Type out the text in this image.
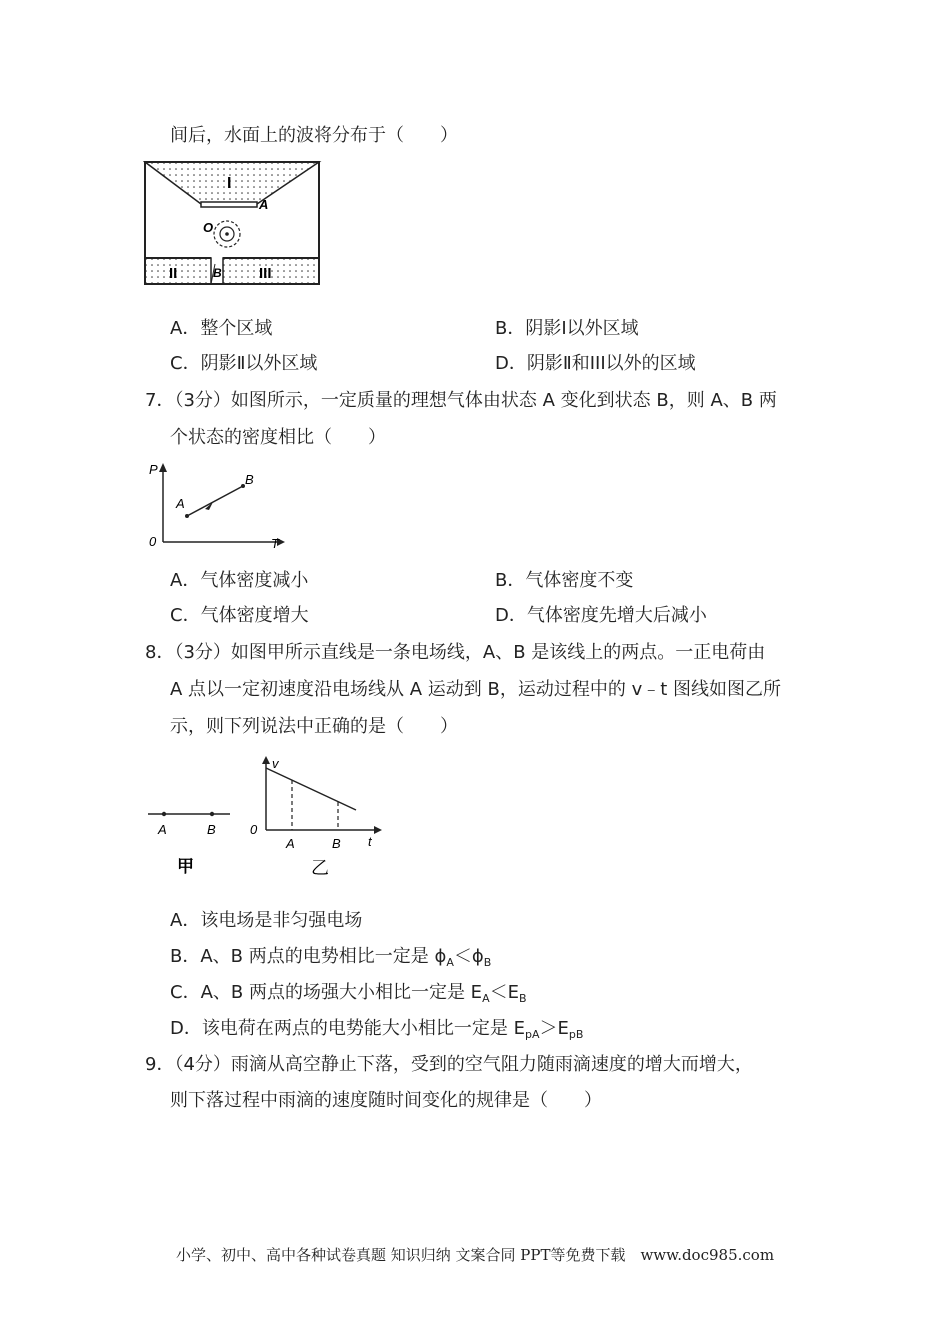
间后，水面上的波将分布于（　　）
I
A
O
II	B III
A．整个区域	B．阴影Ⅰ以外区域
C．阴影Ⅱ以外区域	D．阴影Ⅱ和III以外的区域
7．（3分）如图所示，一定质量的理想气体由状态 A 变化到状态 B，则 A、B 两
个状态的密度相比（　　）
P
T
0
A
B
A．气体密度减小	B．气体密度不变
C．气体密度增大	D．气体密度先增大后减小
8．（3分）如图甲所示直线是一条电场线，A、B 是该线上的两点。一正电荷由
A 点以一定初速度沿电场线从 A 运动到 B，运动过程中的 v﹣t 图线如图乙所
示，则下列说法中正确的是（　　）
A	B
甲
v
t
0
A	B
乙
A．该电场是非匀强电场
B．A、B 两点的电势相比一定是 $\phi_A<\phi_B$
C．A、B 两点的场强大小相比一定是 $E_A<E_B$
D．该电荷在两点的电势能大小相比一定是 $E_{pA}>E_{pB}$
9．（4分）雨滴从高空静止下落，受到的空气阻力随雨滴速度的增大而增大，
则下落过程中雨滴的速度随时间变化的规律是（　　）
小学、初中、高中各种试卷真题 知识归纳 文案合同 PPT等免费下载　www.doc985.com
